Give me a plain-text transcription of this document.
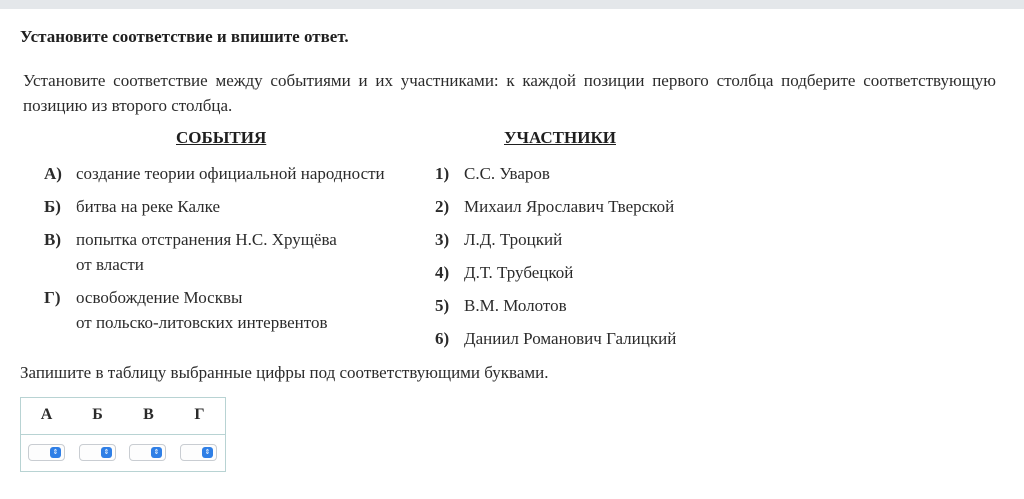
Установите соответствие и впишите ответ.
Установите соответствие между событиями и их участниками: к каждой позиции первого столбца подберите соответствующую позицию из второго столбца.
СОБЫТИЯ
А) создание теории официальной народности
Б) битва на реке Калке
В) попытка отстранения Н.С. Хрущёва
от власти
Г) освобождение Москвы
от польско-литовских интервентов
УЧАСТНИКИ
1) С.С. Уваров
2) Михаил Ярославич Тверской
3) Л.Д. Троцкий
4) Д.Т. Трубецкой
5) В.М. Молотов
6) Даниил Романович Галицкий
Запишите в таблицу выбранные цифры под соответствующими буквами.
А	Б	В	Г
⇕	⇕	⇕	⇕
